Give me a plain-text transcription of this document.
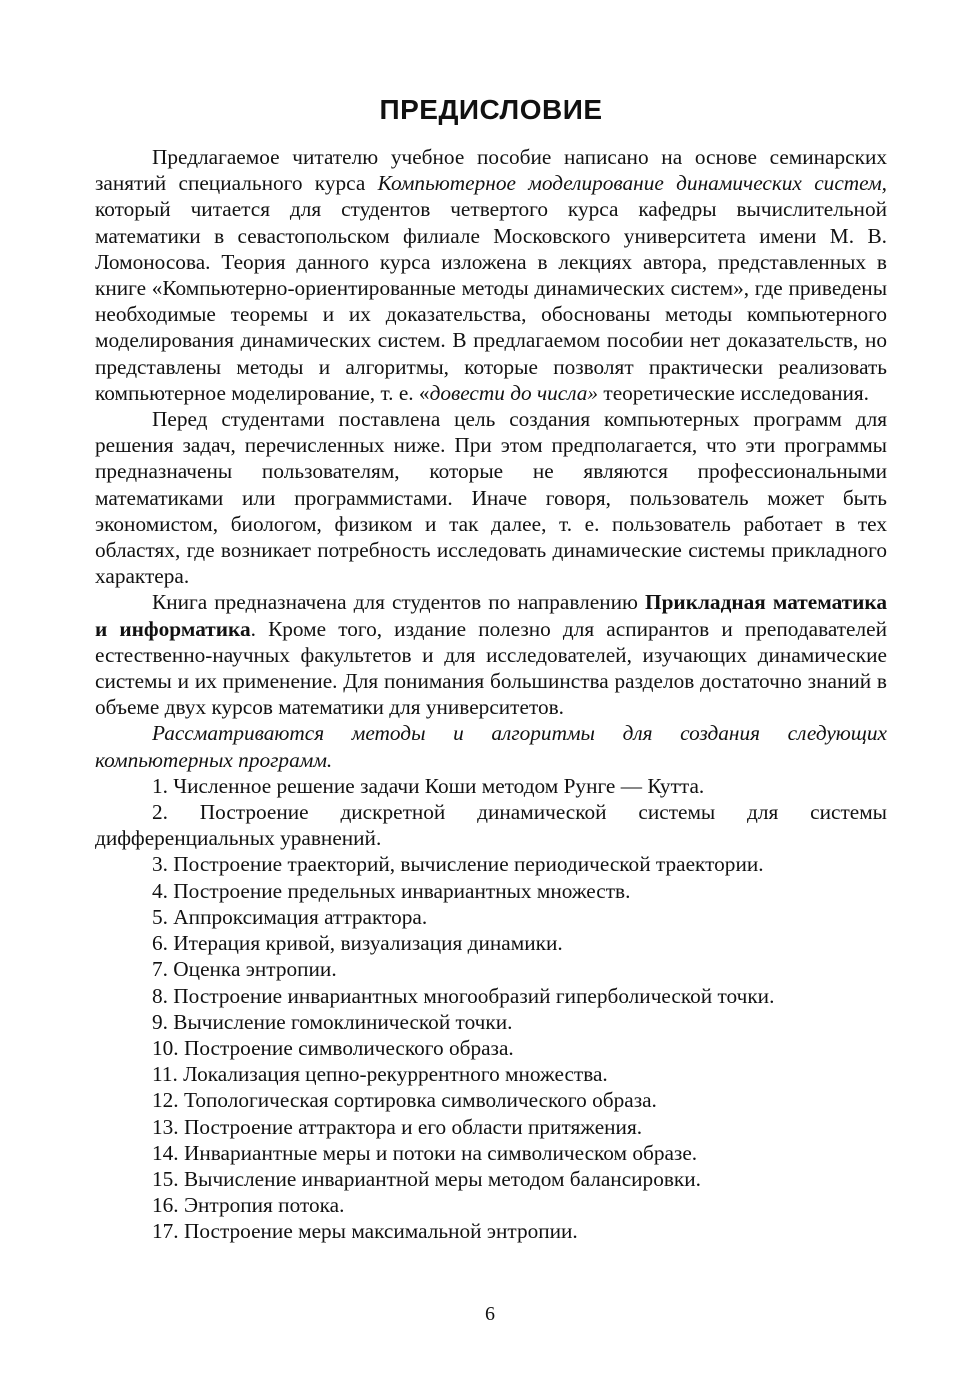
ПРЕДИСЛОВИЕ

Предлагаемое читателю учебное пособие написано на основе семинарских занятий специального курса Компьютерное моделирование динамических систем, который читается для студентов четвертого курса кафедры вычислительной математики в севастопольском филиале Московского университета имени М. В. Ломоносова. Теория данного курса изложена в лекциях автора, представленных в книге «Компьютерно-ориентированные методы динамических систем», где приведены необходимые теоремы и их доказательства, обоснованы методы компьютерного моделирования динамических систем. В предлагаемом пособии нет доказательств, но представлены методы и алгоритмы, которые позволят практически реализовать компьютерное моделирование, т. е. «довести до числа» теоретические исследования.

Перед студентами поставлена цель создания компьютерных программ для решения задач, перечисленных ниже. При этом предполагается, что эти программы предназначены пользователям, которые не являются профессиональными математиками или программистами. Иначе говоря, пользователь может быть экономистом, биологом, физиком и так далее, т. е. пользователь работает в тех областях, где возникает потребность исследовать динамические системы прикладного характера.

Книга предназначена для студентов по направлению Прикладная математика и информатика. Кроме того, издание полезно для аспирантов и преподавателей естественно-научных факультетов и для исследователей, изучающих динамические системы и их применение. Для понимания большинства разделов достаточно знаний в объеме двух курсов математики для университетов.

Рассматриваются методы и алгоритмы для создания следующих компьютерных программ.

1. Численное решение задачи Коши методом Рунге — Кутта.
2. Построение дискретной динамической системы для системы дифференциальных уравнений.
3. Построение траекторий, вычисление периодической траектории.
4. Построение предельных инвариантных множеств.
5. Аппроксимация аттрактора.
6. Итерация кривой, визуализация динамики.
7. Оценка энтропии.
8. Построение инвариантных многообразий гиперболической точки.
9. Вычисление гомоклинической точки.
10. Построение символического образа.
11. Локализация цепно-рекуррентного множества.
12. Топологическая сортировка символического образа.
13. Построение аттрактора и его области притяжения.
14. Инвариантные меры и потоки на символическом образе.
15. Вычисление инвариантной меры методом балансировки.
16. Энтропия потока.
17. Построение меры максимальной энтропии.
6
